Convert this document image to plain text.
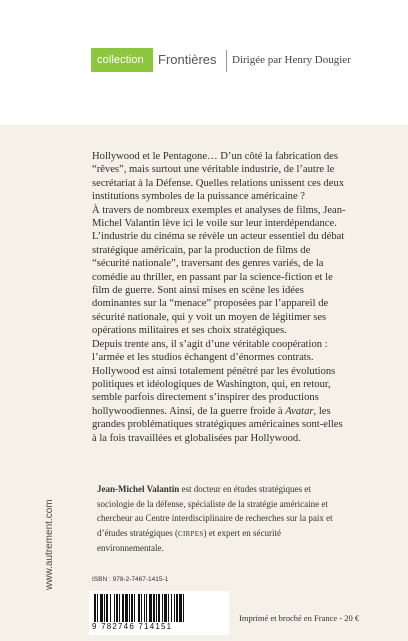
collection Frontières Dirigée par Henry Dougier

Hollywood et le Pentagone… D’un côté la fabrication des “rêves”, mais surtout une véritable industrie, de l’autre le secrétariat à la Défense. Quelles relations unissent ces deux institutions symboles de la puissance américaine ?

À travers de nombreux exemples et analyses de films, Jean-Michel Valantin lève ici le voile sur leur interdépendance. L’industrie du cinéma se révèle un acteur essentiel du débat stratégique américain, par la production de films de “sécurité nationale”, traversant des genres variés, de la comédie au thriller, en passant par la science-fiction et le film de guerre. Sont ainsi mises en scène les idées dominantes sur la “menace” proposées par l’appareil de sécurité nationale, qui y voit un moyen de légitimer ses opérations militaires et ses choix stratégiques.

Depuis trente ans, il s’agit d’une véritable coopération : l’armée et les studios échangent d’énormes contrats. Hollywood est ainsi totalement pénétré par les évolutions politiques et idéologiques de Washington, qui, en retour, semble parfois directement s’inspirer des productions hollywoodiennes. Ainsi, de la guerre froide à Avatar, les grandes problématiques stratégiques américaines sont-elles à la fois travaillées et globalisées par Hollywood.

Jean-Michel Valantin est docteur en études stratégiques et sociologie de la défense, spécialiste de la stratégie américaine et chercheur au Centre interdisciplinaire de recherches sur la paix et d’études stratégiques (CIRPES) et expert en sécurité environnementale.
www.autrement.com	ISBN : 978-2-7467-1415-1
9 782746 714151
Imprimé et broché en France - 20 €
